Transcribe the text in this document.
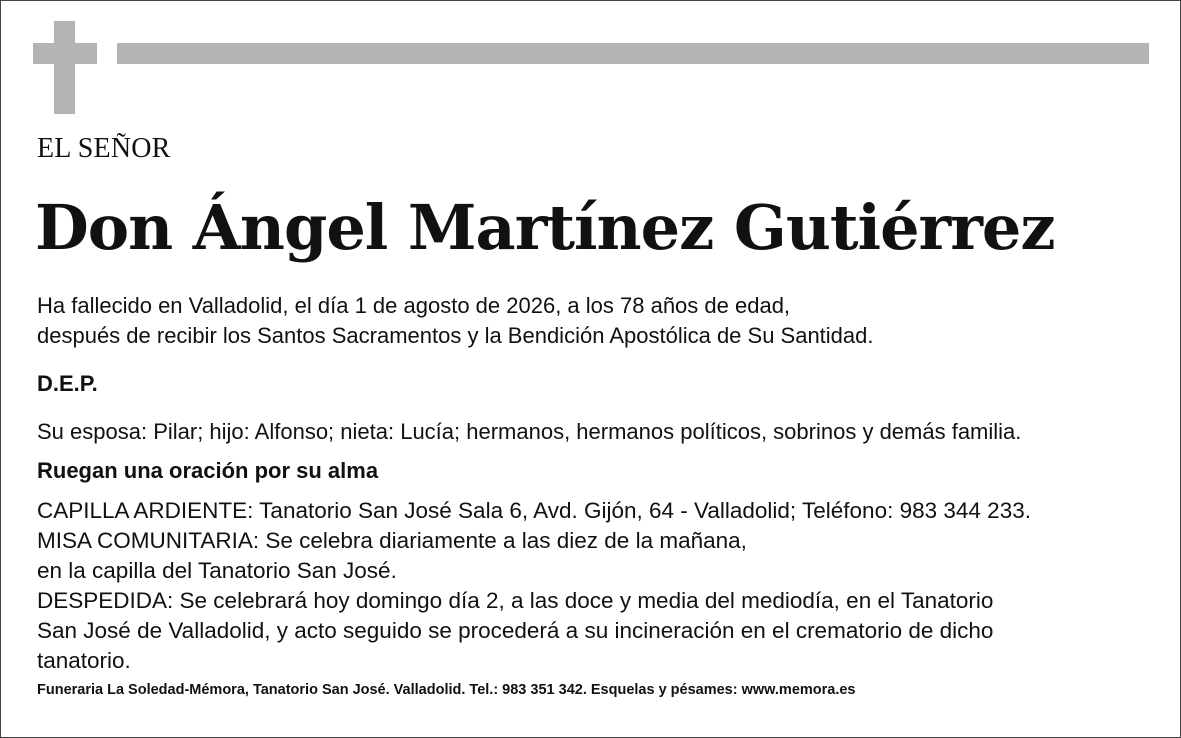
EL SEÑOR
Don Ángel Martínez Gutiérrez
Ha fallecido en Valladolid, el día 1 de agosto de 2026, a los 78 años de edad,
después de recibir los Santos Sacramentos y la Bendición Apostólica de Su Santidad.
D.E.P.
Su esposa: Pilar; hijo: Alfonso; nieta: Lucía; hermanos, hermanos políticos, sobrinos y demás familia.
Ruegan una oración por su alma
CAPILLA ARDIENTE: Tanatorio San José Sala 6, Avd. Gijón, 64 - Valladolid; Teléfono: 983 344 233.
MISA COMUNITARIA: Se celebra diariamente a las diez de la mañana,
en la capilla del Tanatorio San José.
DESPEDIDA: Se celebrará hoy domingo día 2, a las doce y media del mediodía, en el Tanatorio
San José de Valladolid, y acto seguido se procederá a su incineración en el crematorio de dicho
tanatorio.
Funeraria La Soledad-Mémora, Tanatorio San José. Valladolid. Tel.: 983 351 342. Esquelas y pésames: www.memora.es
